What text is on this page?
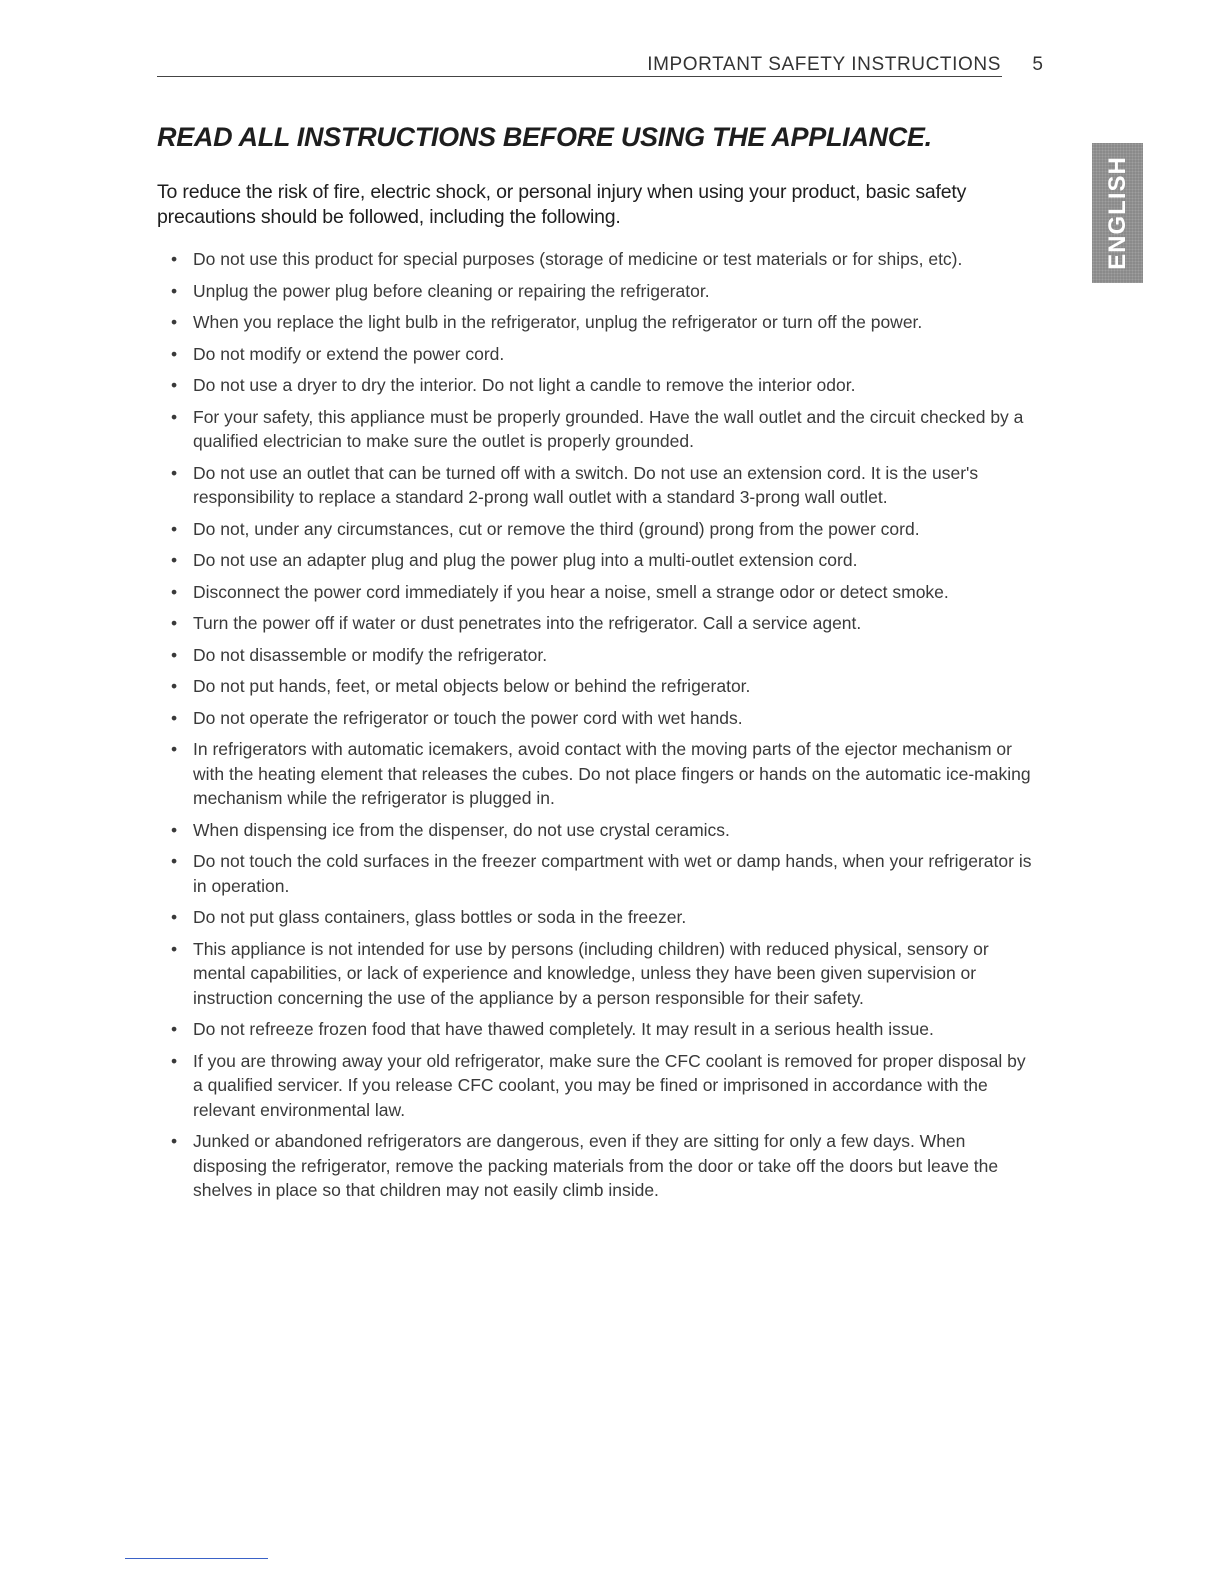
IMPORTANT SAFETY INSTRUCTIONS 5
ENGLISH
READ ALL INSTRUCTIONS BEFORE USING THE APPLIANCE.

To reduce the risk of fire, electric shock, or personal injury when using your product, basic safety precautions should be followed, including the following.

• Do not use this product for special purposes (storage of medicine or test materials or for ships, etc).
• Unplug the power plug before cleaning or repairing the refrigerator.
• When you replace the light bulb in the refrigerator, unplug the refrigerator or turn off the power.
• Do not modify or extend the power cord.
• Do not use a dryer to dry the interior. Do not light a candle to remove the interior odor.
• For your safety, this appliance must be properly grounded. Have the wall outlet and the circuit checked by a qualified electrician to make sure the outlet is properly grounded.
• Do not use an outlet that can be turned off with a switch. Do not use an extension cord. It is the user's responsibility to replace a standard 2-prong wall outlet with a standard 3-prong wall outlet.
• Do not, under any circumstances, cut or remove the third (ground) prong from the power cord.
• Do not use an adapter plug and plug the power plug into a multi-outlet extension cord.
• Disconnect the power cord immediately if you hear a noise, smell a strange odor or detect smoke.
• Turn the power off if water or dust penetrates into the refrigerator. Call a service agent.
• Do not disassemble or modify the refrigerator.
• Do not put hands, feet, or metal objects below or behind the refrigerator.
• Do not operate the refrigerator or touch the power cord with wet hands.
• In refrigerators with automatic icemakers, avoid contact with the moving parts of the ejector mechanism or with the heating element that releases the cubes. Do not place fingers or hands on the automatic ice-making mechanism while the refrigerator is plugged in.
• When dispensing ice from the dispenser, do not use crystal ceramics.
• Do not touch the cold surfaces in the freezer compartment with wet or damp hands, when your refrigerator is in operation.
• Do not put glass containers, glass bottles or soda in the freezer.
• This appliance is not intended for use by persons (including children) with reduced physical, sensory or mental capabilities, or lack of experience and knowledge, unless they have been given supervision or instruction concerning the use of the appliance by a person responsible for their safety.
• Do not refreeze frozen food that have thawed completely. It may result in a serious health issue.
• If you are throwing away your old refrigerator, make sure the CFC coolant is removed for proper disposal by a qualified servicer. If you release CFC coolant, you may be fined or imprisoned in accordance with the relevant environmental law.
• Junked or abandoned refrigerators are dangerous, even if they are sitting for only a few days. When disposing the refrigerator, remove the packing materials from the door or take off the doors but leave the shelves in place so that children may not easily climb inside.
